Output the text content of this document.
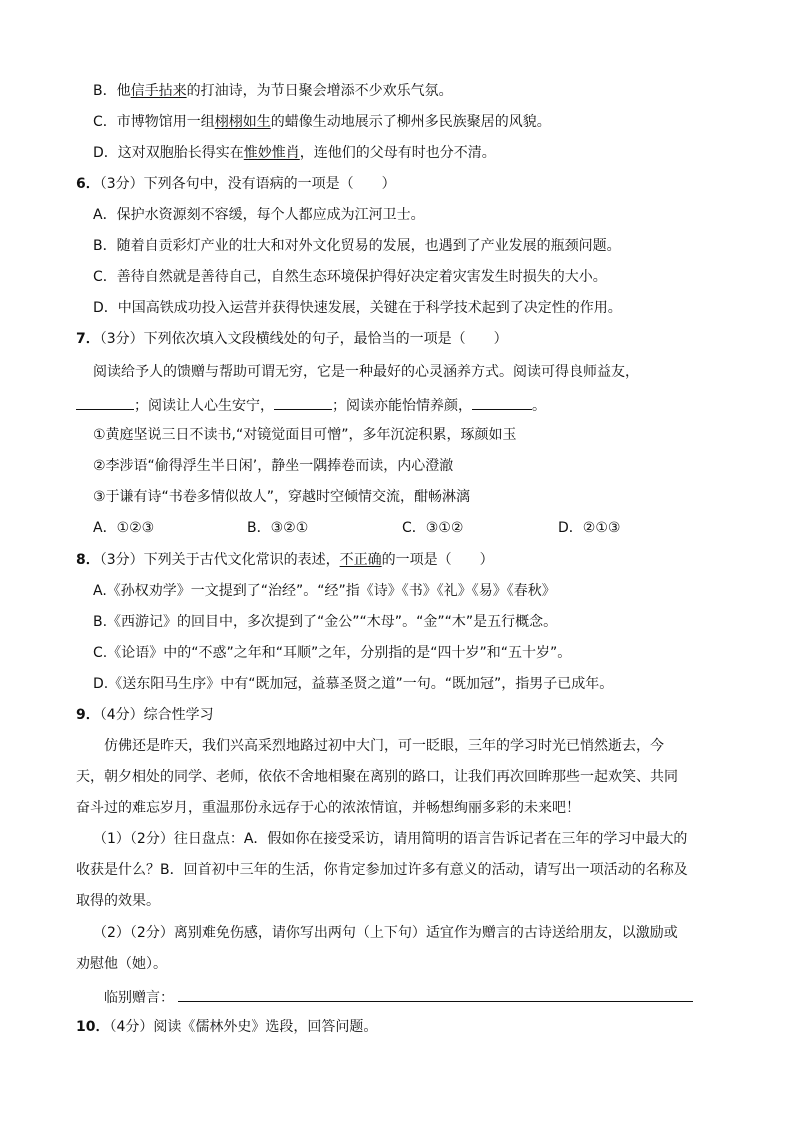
B．他信手拈来的打油诗，为节日聚会增添不少欢乐气氛。
C．市博物馆用一组栩栩如生的蜡像生动地展示了柳州多民族聚居的风貌。
D．这对双胞胎长得实在惟妙惟肖，连他们的父母有时也分不清。
6．（3分）下列各句中，没有语病的一项是（　　）
A．保护水资源刻不容缓，每个人都应成为江河卫士。
B．随着自贡彩灯产业的壮大和对外文化贸易的发展，也遇到了产业发展的瓶颈问题。
C．善待自然就是善待自己，自然生态环境保护得好决定着灾害发生时损失的大小。
D．中国高铁成功投入运营并获得快速发展，关键在于科学技术起到了决定性的作用。
7．（3分）下列依次填入文段横线处的句子，最恰当的一项是（　　）
阅读给予人的馈赠与帮助可谓无穷，它是一种最好的心灵涵养方式。阅读可得良师益友，
；阅读让人心生安宁，	；阅读亦能怡情养颜，	。
①黄庭坚说三日不读书,“对镜觉面目可憎”，多年沉淀积累，琢颜如玉
②李涉语“偷得浮生半日闲’，静坐一隅捧卷而读，内心澄澈
③于谦有诗“书卷多情似故人”，穿越时空倾情交流，酣畅淋漓
A．①②③	B．③②①	C．③①②	D．②①③
8．（3分）下列关于古代文化常识的表述，不正确的一项是（　　）
A.《孙权劝学》一文提到了“治经”。“经”指《诗》《书》《礼》《易》《春秋》
B.《西游记》的回目中，多次提到了“金公”“木母”。“金”“木”是五行概念。
C.《论语》中的“不惑”之年和“耳顺”之年，分别指的是“四十岁”和“五十岁”。
D.《送东阳马生序》中有“既加冠，益慕圣贤之道”一句。“既加冠”，指男子已成年。
9．（4分）综合性学习
仿佛还是昨天，我们兴高采烈地路过初中大门，可一眨眼，三年的学习时光已悄然逝去，今
天，朝夕相处的同学、老师，依依不舍地相聚在离别的路口，让我们再次回眸那些一起欢笑、共同
奋斗过的难忘岁月，重温那份永远存于心的浓浓情谊，并畅想绚丽多彩的未来吧！
（1）（2分）往日盘点：A．假如你在接受采访，请用简明的语言告诉记者在三年的学习中最大的
收获是什么？B．回首初中三年的生活，你肯定参加过许多有意义的活动，请写出一项活动的名称及
取得的效果。
（2）（2分）离别难免伤感，请你写出两句（上下句）适宜作为赠言的古诗送给朋友，以激励或
劝慰他（她）。
临别赠言：
10．（4分）阅读《儒林外史》选段，回答问题。
